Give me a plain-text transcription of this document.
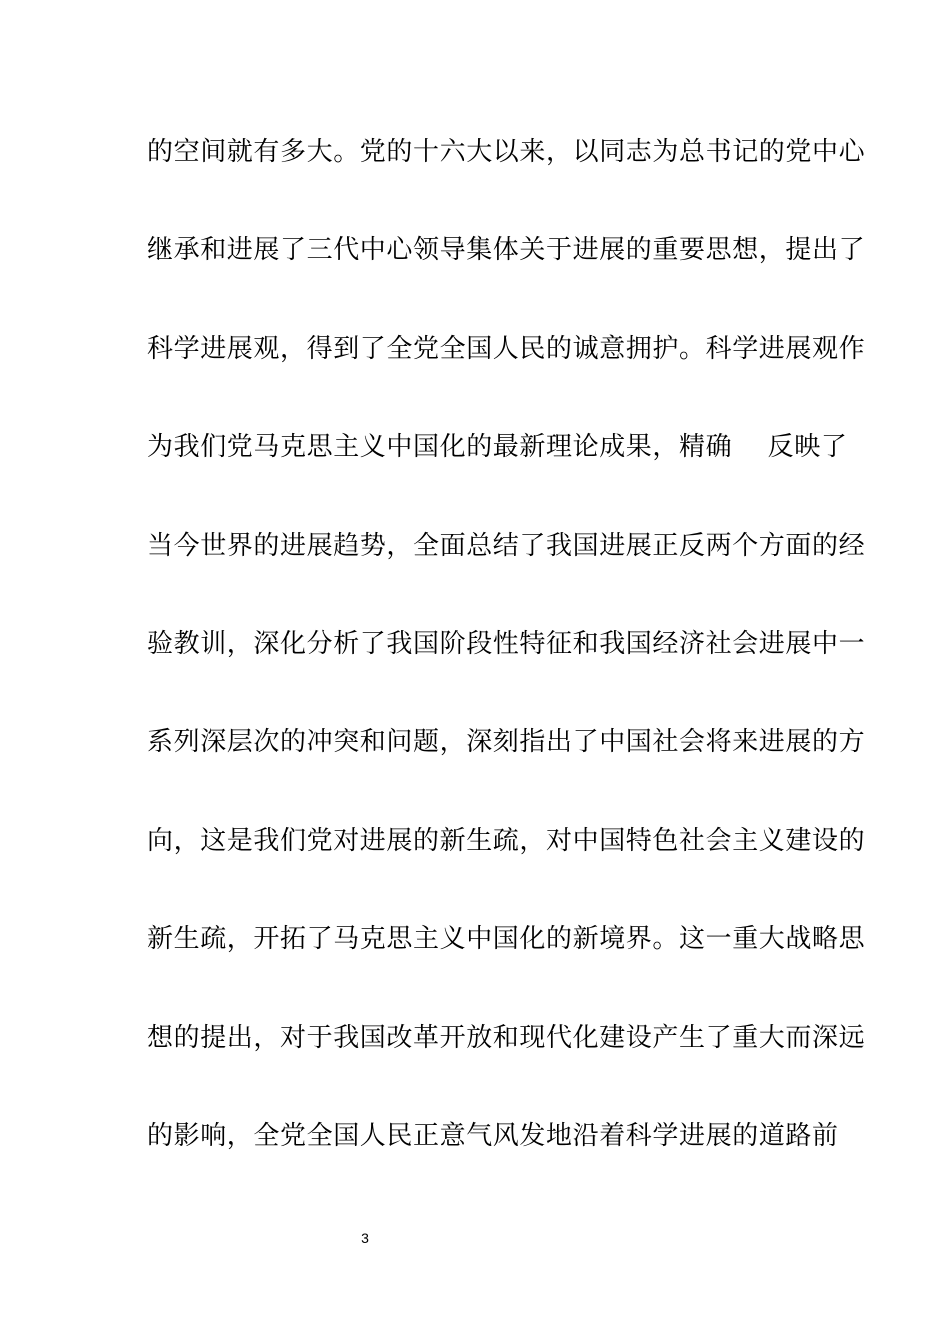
的空间就有多大。党的十六大以来，以同志为总书记的党中心
继承和进展了三代中心领导集体关于进展的重要思想，提出了
科学进展观，得到了全党全国人民的诚意拥护。科学进展观作
为我们党马克思主义中国化的最新理论成果，精确    反映了
当今世界的进展趋势，全面总结了我国进展正反两个方面的经
验教训，深化分析了我国阶段性特征和我国经济社会进展中一
系列深层次的冲突和问题，深刻指出了中国社会将来进展的方
向，这是我们党对进展的新生疏，对中国特色社会主义建设的
新生疏，开拓了马克思主义中国化的新境界。这一重大战略思
想的提出，对于我国改革开放和现代化建设产生了重大而深远
的影响，全党全国人民正意气风发地沿着科学进展的道路前
3
